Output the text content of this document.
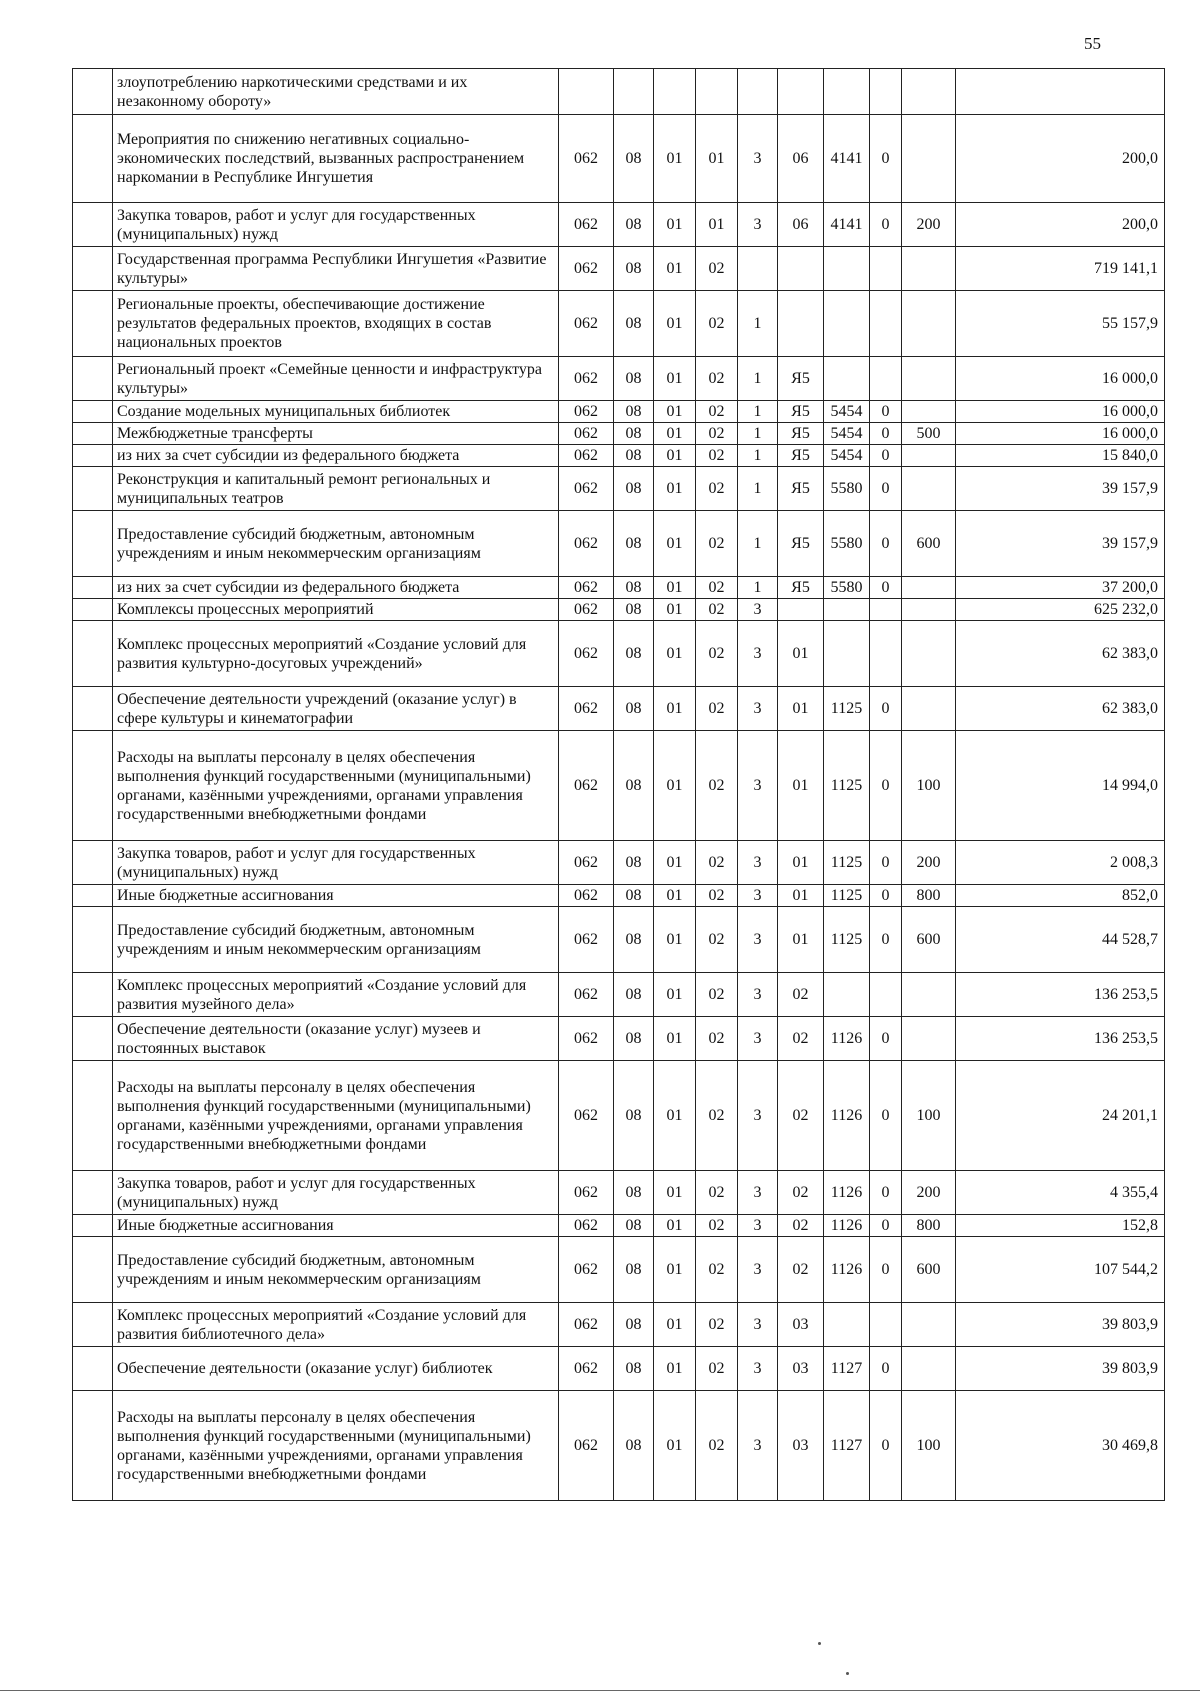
55
	злоупотреблению наркотическими средствами и их незаконному обороту»										
	Мероприятия по снижению негативных социально-экономических последствий, вызванных распространением наркомании в Республике Ингушетия	062	08	01	01	3	06	4141	0		200,0
	Закупка товаров, работ и услуг для государственных (муниципальных) нужд	062	08	01	01	3	06	4141	0	200	200,0
	Государственная программа Республики Ингушетия «Развитие культуры»	062	08	01	02						719 141,1
	Региональные проекты, обеспечивающие достижение результатов федеральных проектов, входящих в состав национальных проектов	062	08	01	02	1					55 157,9
	Региональный проект «Семейные ценности и инфраструктура культуры»	062	08	01	02	1	Я5				16 000,0
	Создание модельных муниципальных библиотек	062	08	01	02	1	Я5	5454	0		16 000,0
	Межбюджетные трансферты	062	08	01	02	1	Я5	5454	0	500	16 000,0
	из них за счет субсидии из федерального бюджета	062	08	01	02	1	Я5	5454	0		15 840,0
	Реконструкция и капитальный ремонт региональных и муниципальных театров	062	08	01	02	1	Я5	5580	0		39 157,9
	Предоставление субсидий бюджетным, автономным учреждениям и иным некоммерческим организациям	062	08	01	02	1	Я5	5580	0	600	39 157,9
	из них за счет субсидии из федерального бюджета	062	08	01	02	1	Я5	5580	0		37 200,0
	Комплексы процессных мероприятий	062	08	01	02	3					625 232,0
	Комплекс процессных мероприятий «Создание условий для развития культурно-досуговых учреждений»	062	08	01	02	3	01				62 383,0
	Обеспечение деятельности учреждений (оказание услуг) в сфере культуры и кинематографии	062	08	01	02	3	01	1125	0		62 383,0
	Расходы на выплаты персоналу в целях обеспечения выполнения функций государственными (муниципальными) органами, казёнными учреждениями, органами управления государственными внебюджетными фондами	062	08	01	02	3	01	1125	0	100	14 994,0
	Закупка товаров, работ и услуг для государственных (муниципальных) нужд	062	08	01	02	3	01	1125	0	200	2 008,3
	Иные бюджетные ассигнования	062	08	01	02	3	01	1125	0	800	852,0
	Предоставление субсидий бюджетным, автономным учреждениям и иным некоммерческим организациям	062	08	01	02	3	01	1125	0	600	44 528,7
	Комплекс процессных мероприятий «Создание условий для развития музейного дела»	062	08	01	02	3	02				136 253,5
	Обеспечение деятельности (оказание услуг) музеев и постоянных выставок	062	08	01	02	3	02	1126	0		136 253,5
	Расходы на выплаты персоналу в целях обеспечения выполнения функций государственными (муниципальными) органами, казёнными учреждениями, органами управления государственными внебюджетными фондами	062	08	01	02	3	02	1126	0	100	24 201,1
	Закупка товаров, работ и услуг для государственных (муниципальных) нужд	062	08	01	02	3	02	1126	0	200	4 355,4
	Иные бюджетные ассигнования	062	08	01	02	3	02	1126	0	800	152,8
	Предоставление субсидий бюджетным, автономным учреждениям и иным некоммерческим организациям	062	08	01	02	3	02	1126	0	600	107 544,2
	Комплекс процессных мероприятий «Создание условий для развития библиотечного дела»	062	08	01	02	3	03				39 803,9
	Обеспечение деятельности (оказание услуг) библиотек	062	08	01	02	3	03	1127	0		39 803,9
	Расходы на выплаты персоналу в целях обеспечения выполнения функций государственными (муниципальными) органами, казёнными учреждениями, органами управления государственными внебюджетными фондами	062	08	01	02	3	03	1127	0	100	30 469,8
